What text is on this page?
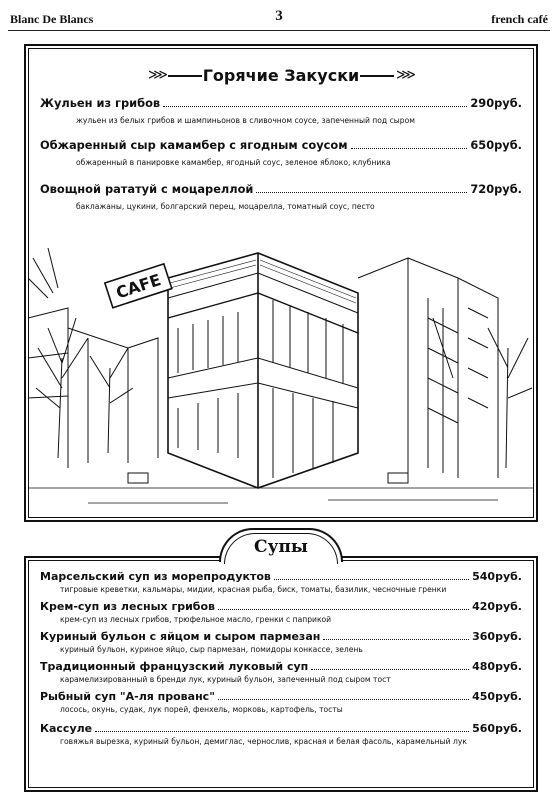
Blanc De Blancs	3	french café
⋙	Горячие Закуски	⋙
Жульен из грибов	290руб.
жульен из белых грибов и шампиньонов в сливочном соусе, запеченный под сыром
Обжаренный сыр камамбер с ягодным соусом	650руб.
обжаренный в панировке камамбер, ягодный соус, зеленое яблоко, клубника
Овощной рататуй с моцареллой	720руб.
баклажаны, цукини, болгарский перец, моцарелла, томатный соус, песто
CAFE
Супы
Марсельский суп из морепродуктов	540руб.
тигровые креветки, кальмары, мидии, красная рыба, биск, томаты, базилик, чесночные гренки
Крем-суп из лесных грибов	420руб.
крем-суп из лесных грибов, трюфельное масло, гренки с паприкой
Куриный бульон с яйцом и сыром пармезан	360руб.
куриный бульон, куриное яйцо, сыр пармезан, помидоры конкассе, зелень
Традиционный французский луковый суп	480руб.
карамелизированный в бренди лук, куриный бульон, запеченный под сыром тост
Рыбный суп "А-ля прованс"	450руб.
лосось, окунь, судак, лук порей, фенхель, морковь, картофель, тосты
Кассуле	560руб.
говяжья вырезка, куриный бульон, демиглас, чернослив, красная и белая фасоль, карамельный лук
